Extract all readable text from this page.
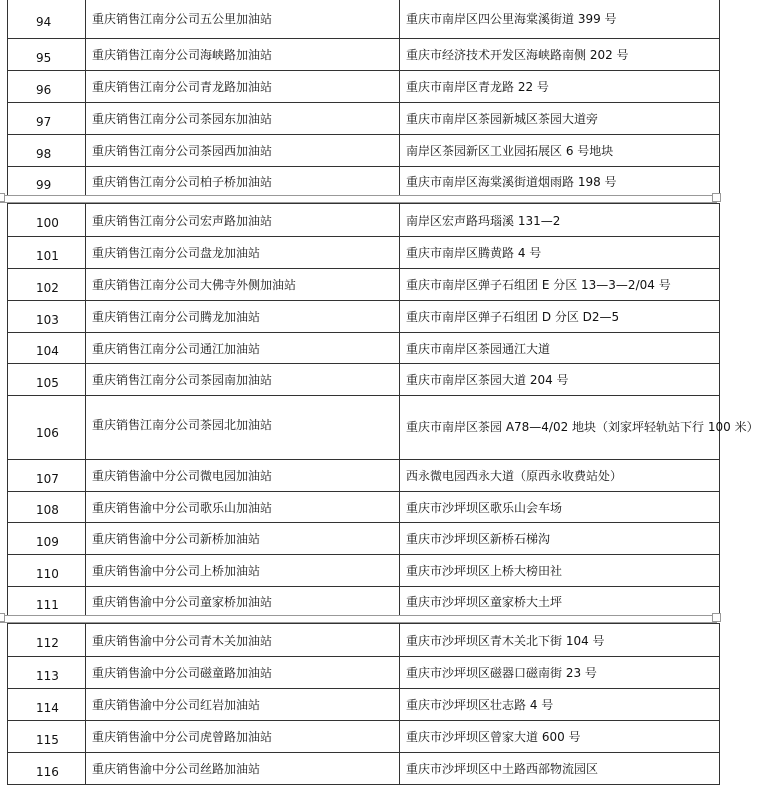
94	重庆销售江南分公司五公里加油站	重庆市南岸区四公里海棠溪街道 399 号

95	重庆销售江南分公司海峡路加油站	重庆市经济技术开发区海峡路南侧 202 号

96	重庆销售江南分公司青龙路加油站	重庆市南岸区青龙路 22 号

97	重庆销售江南分公司茶园东加油站	重庆市南岸区茶园新城区茶园大道旁

98	重庆销售江南分公司茶园西加油站	南岸区茶园新区工业园拓展区 6 号地块

99	重庆销售江南分公司柏子桥加油站	重庆市南岸区海棠溪街道烟雨路 198 号
100	重庆销售江南分公司宏声路加油站	南岸区宏声路玛瑙溪 131—2

101	重庆销售江南分公司盘龙加油站	重庆市南岸区腾黄路 4 号

102	重庆销售江南分公司大佛寺外侧加油站	重庆市南岸区弹子石组团 E 分区 13—3—2/04 号

103	重庆销售江南分公司腾龙加油站	重庆市南岸区弹子石组团 D 分区 D2—5

104	重庆销售江南分公司通江加油站	重庆市南岸区茶园通江大道

105	重庆销售江南分公司茶园南加油站	重庆市南岸区茶园大道 204 号

106	重庆销售江南分公司茶园北加油站	重庆市南岸区茶园 A78—4/02 地块（刘家坪轻轨站下行 100 米）

107	重庆销售渝中分公司微电园加油站	西永微电园西永大道（原西永收费站处）

108	重庆销售渝中分公司歌乐山加油站	重庆市沙坪坝区歌乐山会车场

109	重庆销售渝中分公司新桥加油站	重庆市沙坪坝区新桥石梯沟

110	重庆销售渝中分公司上桥加油站	重庆市沙坪坝区上桥大榜田社

111	重庆销售渝中分公司童家桥加油站	重庆市沙坪坝区童家桥大土坪
112	重庆销售渝中分公司青木关加油站	重庆市沙坪坝区青木关北下街 104 号

113	重庆销售渝中分公司磁童路加油站	重庆市沙坪坝区磁器口磁南街 23 号

114	重庆销售渝中分公司红岩加油站	重庆市沙坪坝区壮志路 4 号

115	重庆销售渝中分公司虎曾路加油站	重庆市沙坪坝区曾家大道 600 号

116	重庆销售渝中分公司丝路加油站	重庆市沙坪坝区中土路西部物流园区
